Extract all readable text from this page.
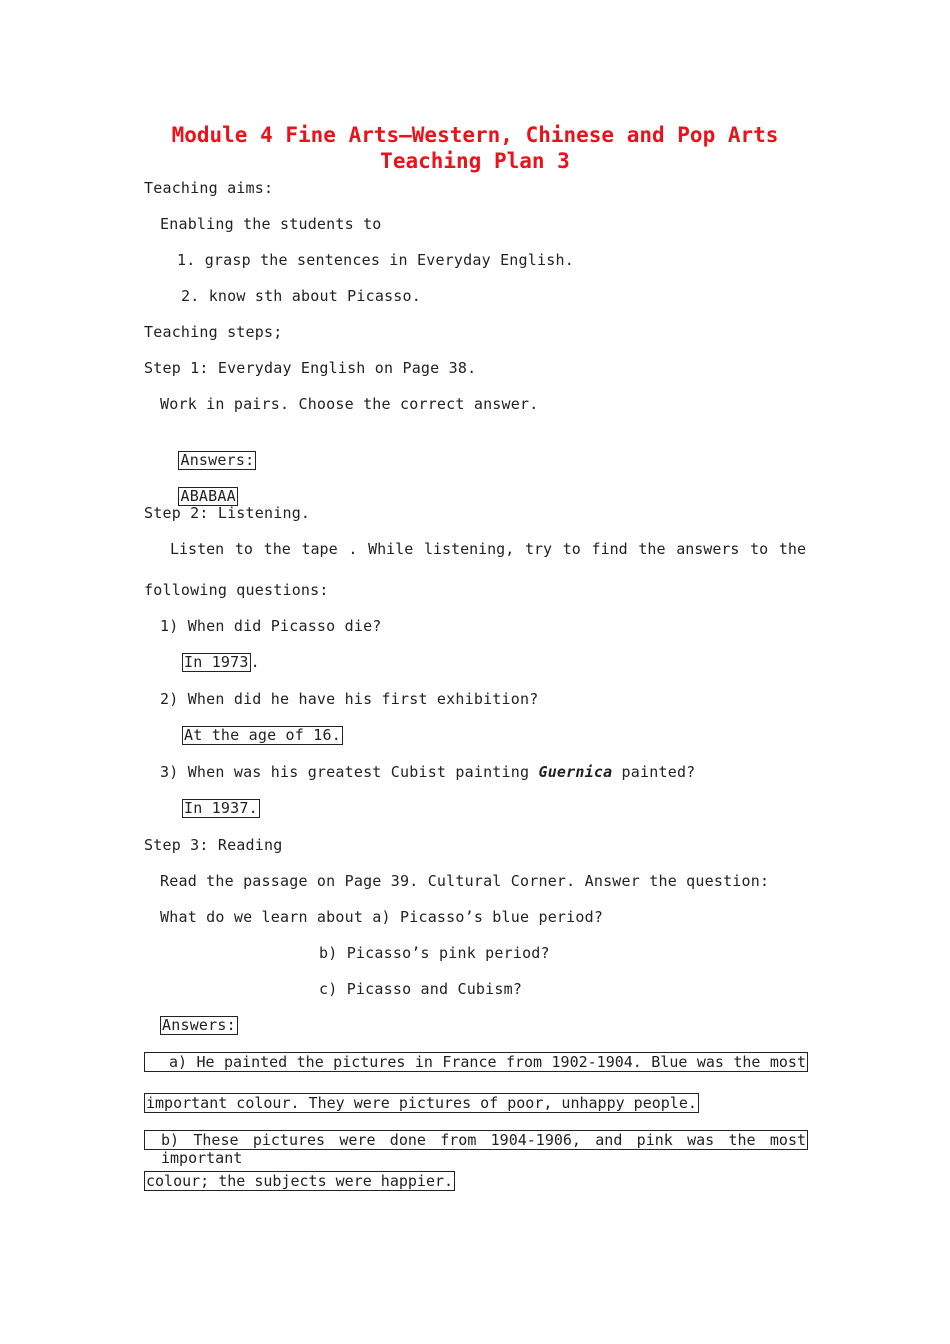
Module 4 Fine Arts—Western, Chinese and Pop Arts Teaching Plan 3
Teaching aims:
Enabling the students to
1. grasp the sentences in Everyday English.
2. know sth about Picasso.
Teaching steps;
Step 1: Everyday English on Page 38.
Work in pairs. Choose the correct answer.

Answers:

ABABAA

Step 2: Listening.
Listen to the tape . While listening, try to find the answers to the
following questions:
1) When did Picasso die?
In 1973 .
2) When did he have his first exhibition?
At the age of 16.
3) When was his greatest Cubist painting Guernica painted?
In 1937.
Step 3: Reading
Read the passage on Page 39. Cultural Corner. Answer the question:
What do we learn about a) Picasso’s blue period?
b) Picasso’s pink period?
c) Picasso and Cubism?
Answers:
a) He painted the pictures in France from 1902-1904. Blue was the most
important colour. They were pictures of poor, unhappy people.
b) These pictures were done from 1904-1906, and pink was the most important
colour; the subjects were happier.
